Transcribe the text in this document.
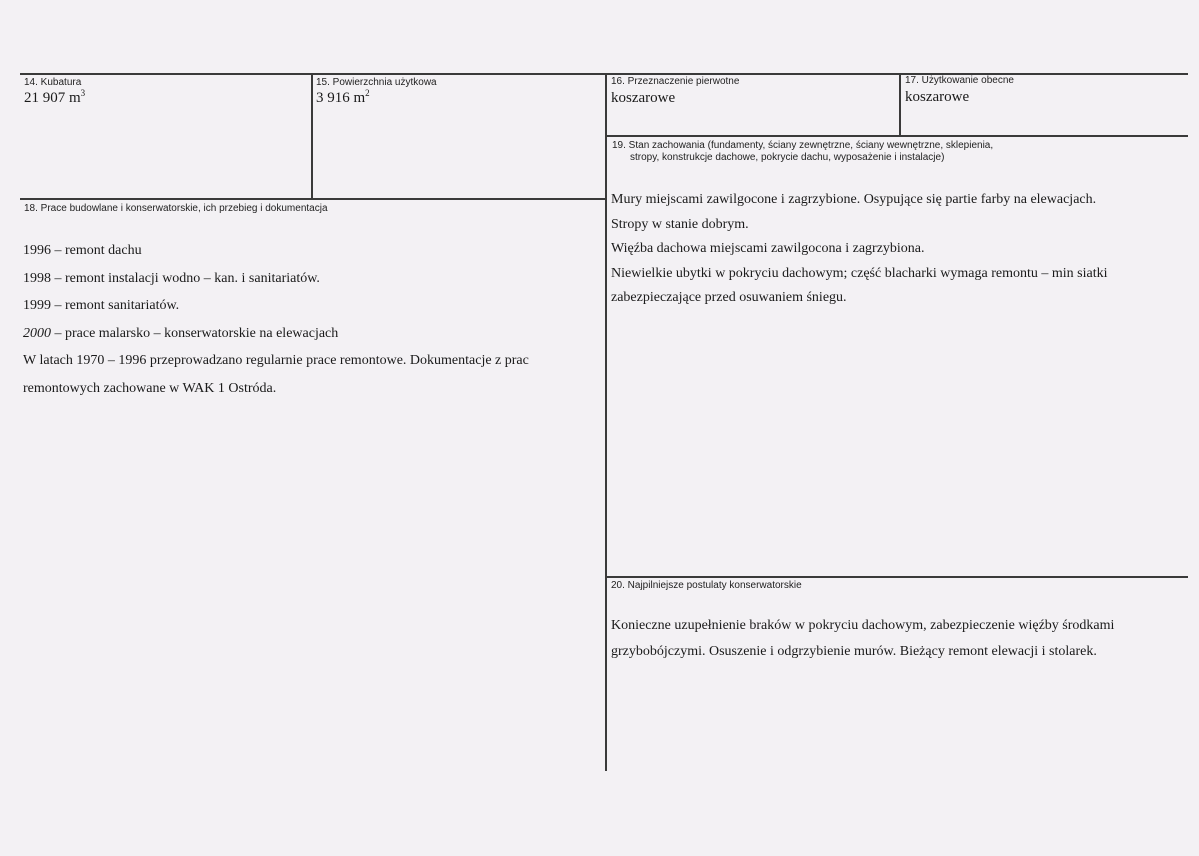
14. Kubatura
21 907 $m^3$
15. Powierzchnia użytkowa
3 916 $m^2$
16. Przeznaczenie pierwotne
koszarowe
17. Użytkowanie obecne
koszarowe
19. Stan zachowania (fundamenty, ściany zewnętrzne, ściany wewnętrzne, sklepienia,
stropy, konstrukcje dachowe, pokrycie dachu, wyposażenie i instalacje)
Mury miejscami zawilgocone i zagrzybione. Osypujące się partie farby na elewacjach.
Stropy w stanie dobrym.
Więźba dachowa miejscami zawilgocona i zagrzybiona.
Niewielkie ubytki w pokryciu dachowym; część blacharki wymaga remontu – min siatki
zabezpieczające przed osuwaniem śniegu.
18. Prace budowlane i konserwatorskie, ich przebieg i dokumentacja
1996 – remont dachu
1998 – remont instalacji wodno – kan. i sanitariatów.
1999 – remont sanitariatów.
2000 – prace malarsko – konserwatorskie na elewacjach
W latach 1970 – 1996 przeprowadzano regularnie prace remontowe. Dokumentacje z prac
remontowych zachowane w WAK 1 Ostróda.
20. Najpilniejsze postulaty konserwatorskie
Konieczne uzupełnienie braków w pokryciu dachowym, zabezpieczenie więźby środkami
grzybobójczymi. Osuszenie i odgrzybienie murów. Bieżący remont elewacji i stolarek.
